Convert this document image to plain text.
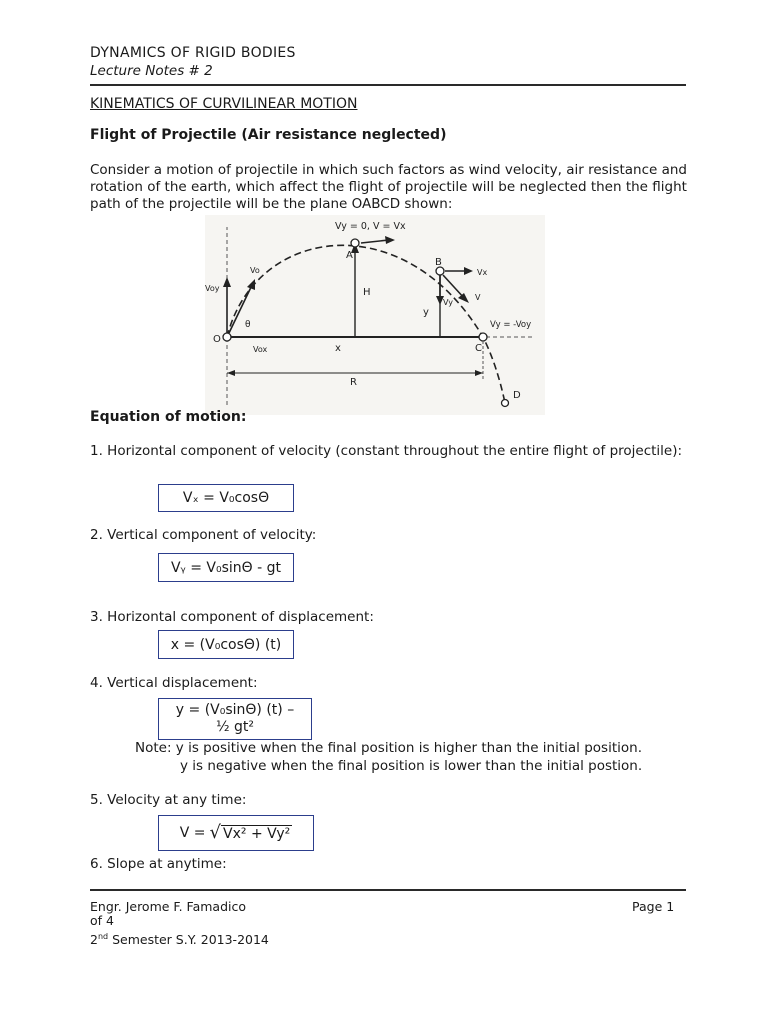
DYNAMICS OF RIGID BODIES
Lecture Notes # 2
KINEMATICS OF CURVILINEAR MOTION
Flight of Projectile (Air resistance neglected)
Consider a motion of projectile in which such factors as wind velocity, air resistance and rotation of the earth, which affect the flight of projectile will be neglected then the flight path of the projectile will be the plane OABCD shown:
Vy = 0, V = Vx
O
A
B
C
D
H
y
x
R
θ
Vo
Voy
Vox
Vx
V
Vy
Vy = -Voy
Equation of motion:
1. Horizontal component of velocity (constant throughout the entire flight of projectile):
Vₓ = V₀cosΘ
2. Vertical component of velocity:
Vᵧ = V₀sinΘ - gt
3. Horizontal component of displacement:
x = (V₀cosΘ) (t)
4. Vertical displacement:
y = (V₀sinΘ) (t) –
½ gt²
Note: y is positive when the final position is higher than the initial position.
y is negative when the final position is lower than the initial postion.
5. Velocity at any time:
V = √ Vx² + Vy²
6. Slope at anytime:
Engr. Jerome F. Famadico
of 4
2nd Semester S.Y. 2013-2014
Page 1
